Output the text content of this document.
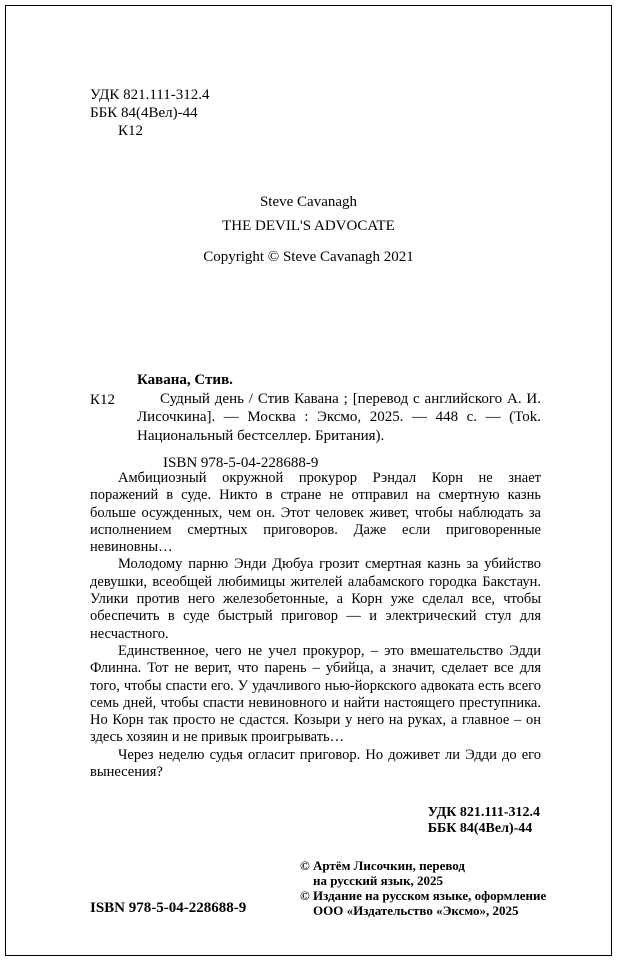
УДК 821.111-312.4
ББК 84(4Вел)-44
К12
Steve Cavanagh
THE DEVIL'S ADVOCATE
Copyright © Steve Cavanagh 2021
Кавана, Стив.
К12	Судный день / Стив Кавана ; [перевод с английского А. И. Лисочкина]. — Москва : Эксмо, 2025. — 448 с. — (Tok. Национальный бестселлер. Британия).

ISBN 978-5-04-228688-9

Амбициозный окружной прокурор Рэндал Корн не знает поражений в суде. Никто в стране не отправил на смертную казнь больше осужденных, чем он. Этот человек живет, чтобы наблюдать за исполнением смертных приговоров. Даже если приговоренные невиновны…

Молодому парню Энди Дюбуа грозит смертная казнь за убийство девушки, всеобщей любимицы жителей алабамского городка Бакстаун. Улики против него железобетонные, а Корн уже сделал все, чтобы обеспечить в суде быстрый приговор — и электрический стул для несчастного.

Единственное, чего не учел прокурор, – это вмешательство Эдди Флинна. Тот не верит, что парень – убийца, а значит, сделает все для того, чтобы спасти его. У удачливого нью-йоркского адвоката есть всего семь дней, чтобы спасти невиновного и найти настоящего преступника. Но Корн так просто не сдастся. Козыри у него на руках, а главное – он здесь хозяин и не привык проигрывать…

Через неделю судья огласит приговор. Но доживет ли Эдди до его вынесения?

УДК 821.111-312.4
ББК 84(4Вел)-44
© Артём Лисочкин, перевод
на русский язык, 2025
© Издание на русском языке, оформление
ООО «Издательство «Эксмо», 2025
ISBN 978-5-04-228688-9
